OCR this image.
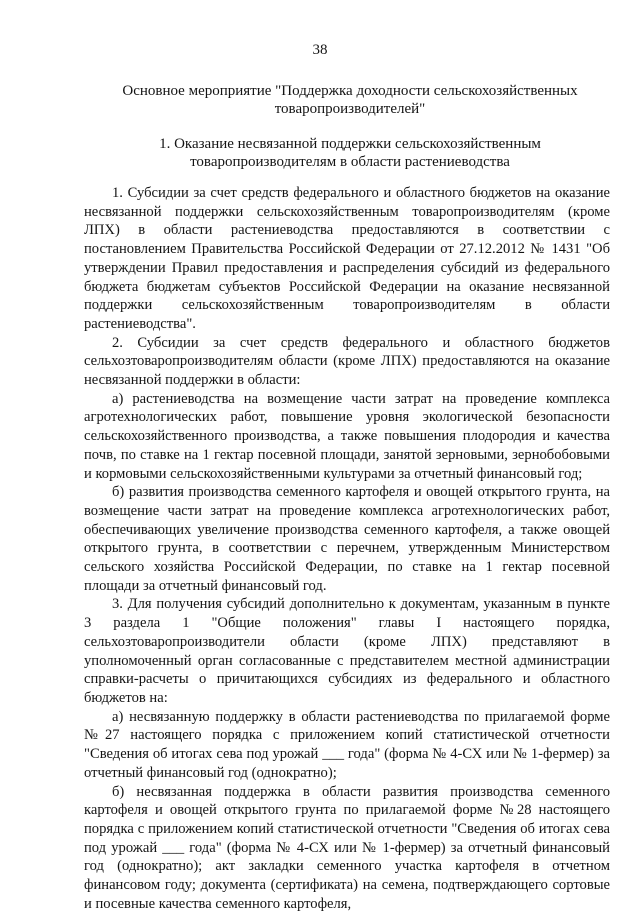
38
Основное мероприятие "Поддержка доходности сельскохозяйственных
товаропроизводителей"
1. Оказание несвязанной поддержки сельскохозяйственным
товаропроизводителям в области растениеводства

1. Субсидии за счет средств федерального и областного бюджетов на оказание несвязанной поддержки сельскохозяйственным товаропроизводителям (кроме ЛПХ) в области растениеводства предоставляются в соответствии с постановлением Правительства Российской Федерации от 27.12.2012 № 1431 "Об утверждении Правил предоставления и распределения субсидий из федерального бюджета бюджетам субъектов Российской Федерации на оказание несвязанной поддержки сельскохозяйственным товаропроизводителям в области растениеводства".

2. Субсидии за счет средств федерального и областного бюджетов сельхозтоваропроизводителям области (кроме ЛПХ) предоставляются на оказание несвязанной поддержки в области:

а) растениеводства на возмещение части затрат на проведение комплекса агротехнологических работ, повышение уровня экологической безопасности сельскохозяйственного производства, а также повышения плодородия и качества почв, по ставке на 1 гектар посевной площади, занятой зерновыми, зернобобовыми и кормовыми сельскохозяйственными культурами за отчетный финансовый год;

б) развития производства семенного картофеля и овощей открытого грунта, на возмещение части затрат на проведение комплекса агротехнологических работ, обеспечивающих увеличение производства семенного картофеля, а также овощей открытого грунта, в соответствии с перечнем, утвержденным Министерством сельского хозяйства Российской Федерации, по ставке на 1 гектар посевной площади за отчетный финансовый год.

3. Для получения субсидий дополнительно к документам, указанным в пункте 3 раздела 1 "Общие положения" главы I настоящего порядка, сельхозтоваропроизводители области (кроме ЛПХ) представляют в уполномоченный орган согласованные с представителем местной администрации справки-расчеты о причитающихся субсидиях из федерального и областного бюджетов на:

а) несвязанную поддержку в области растениеводства по прилагаемой форме №27 настоящего порядка с приложением копий статистической отчетности "Сведения об итогах сева под урожай ___ года" (форма № 4-СХ или № 1-фермер) за отчетный финансовый год (однократно);

б) несвязанная поддержка в области развития производства семенного картофеля и овощей открытого грунта по прилагаемой форме №28 настоящего порядка с приложением копий статистической отчетности "Сведения об итогах сева под урожай ___ года" (форма № 4-СХ или № 1-фермер) за отчетный финансовый год (однократно); акт закладки семенного участка картофеля в отчетном финансовом году; документа (сертификата) на семена, подтверждающего сортовые и посевные качества семенного картофеля,
